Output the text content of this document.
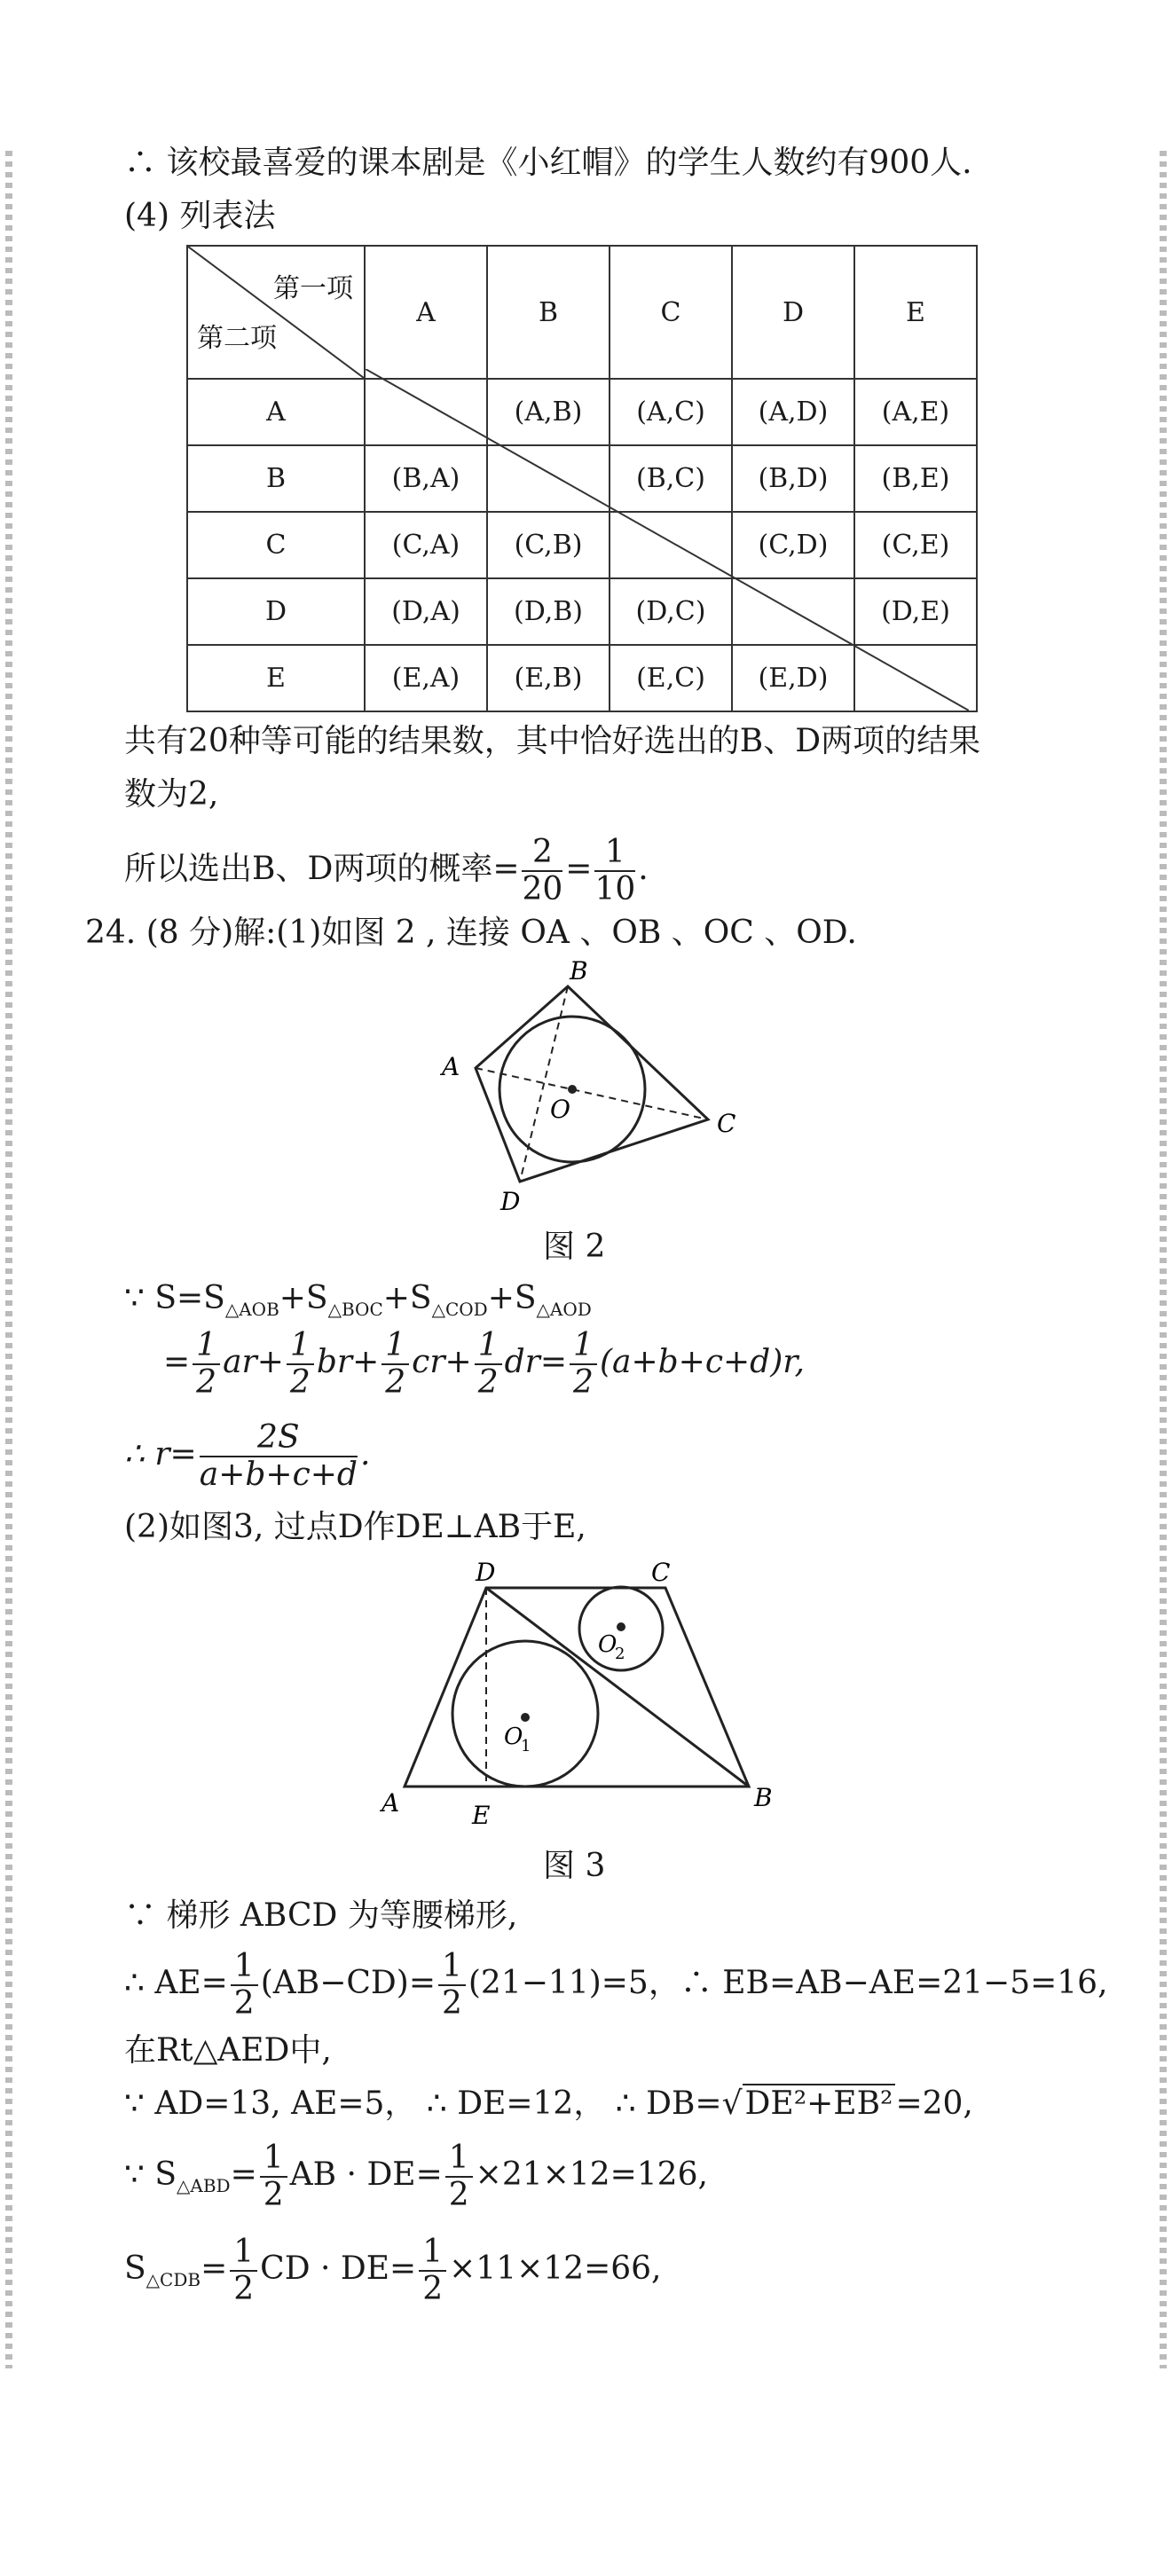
∴ 该校最喜爱的课本剧是《小红帽》的学生人数约有900人.
(4) 列表法
第一项
第二项	A	B	C	D	E
A		(A,B)	(A,C)	(A,D)	(A,E)
B	(B,A)		(B,C)	(B,D)	(B,E)
C	(C,A)	(C,B)		(C,D)	(C,E)
D	(D,A)	(D,B)	(D,C)		(D,E)
E	(E,A)	(E,B)	(E,C)	(E,D)	
共有20种等可能的结果数，其中恰好选出的B、D两项的结果
数为2,
所以选出B、D两项的概率= $\frac{2}{20} = \frac{1}{10}$ .
24. (8 分)解:(1)如图 2 , 连接 OA 、OB 、OC 、OD.
A
B
C
D
O
图 2
∵ $S=S_{\triangle AOB}+S_{\triangle BOC}+S_{\triangle COD}+S_{\triangle AOD}$
= $\frac{1}{2} ar+ \frac{1}{2} br+ \frac{1}{2} cr+ \frac{1}{2} dr= \frac{1}{2} (a+b+c+d)r$,
∴ $r= \frac{2S}{a+b+c+d}$ .
(2)如图3, 过点D作DE⊥AB于E,
D	C
A	B
E
O
1
O
2
图 3
∵ 梯形 ABCD 为等腰梯形,
∴ $AE= \frac{1}{2} (AB-CD)= \frac{1}{2} (21-11)=5$，∴ EB=AB−AE=21−5=16,
在Rt△AED中,
∵ AD=13, AE=5， ∴ DE=12， ∴ DB=√DE²+EB²=20,
∵ $S_{\triangle ABD}= \frac{1}{2}$ AB · $DE= \frac{1}{2} \times 21\times 12=126$,
$S_{\triangle CDB}= \frac{1}{2}$ CD · $DE= \frac{1}{2} \times 11\times 12=66$,
